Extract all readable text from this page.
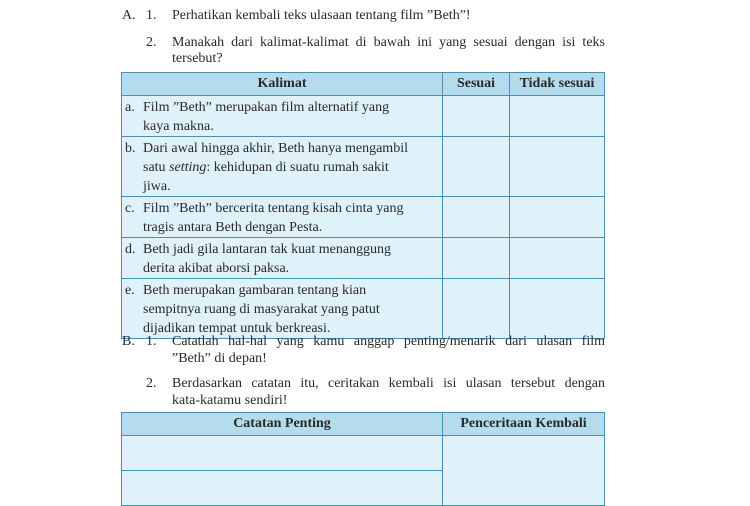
A. 1. Perhatikan kembali teks ulasaan tentang film ”Beth”!
2. Manakah dari kalimat-kalimat di bawah ini yang sesuai dengan isi teks
tersebut?
Kalimat	Sesuai	Tidak sesuai

a. Film ”Beth” merupakan film alternatif yang
kaya makna.		

b. Dari awal hingga akhir, Beth hanya mengambil
satu setting: kehidupan di suatu rumah sakit
jiwa.		

c. Film ”Beth” bercerita tentang kisah cinta yang
tragis antara Beth dengan Pesta.		

d. Beth jadi gila lantaran tak kuat menanggung
derita akibat aborsi paksa.		

e. Beth merupakan gambaran tentang kian
sempitnya ruang di masyarakat yang patut
dijadikan tempat untuk berkreasi.		

B. 1. Catatlah hal-hal yang kamu anggap penting/menarik dari ulasan film
”Beth” di depan!
2. Berdasarkan catatan itu, ceritakan kembali isi ulasan tersebut dengan
kata-katamu sendiri!
Catatan Penting	Penceritaan Kembali
